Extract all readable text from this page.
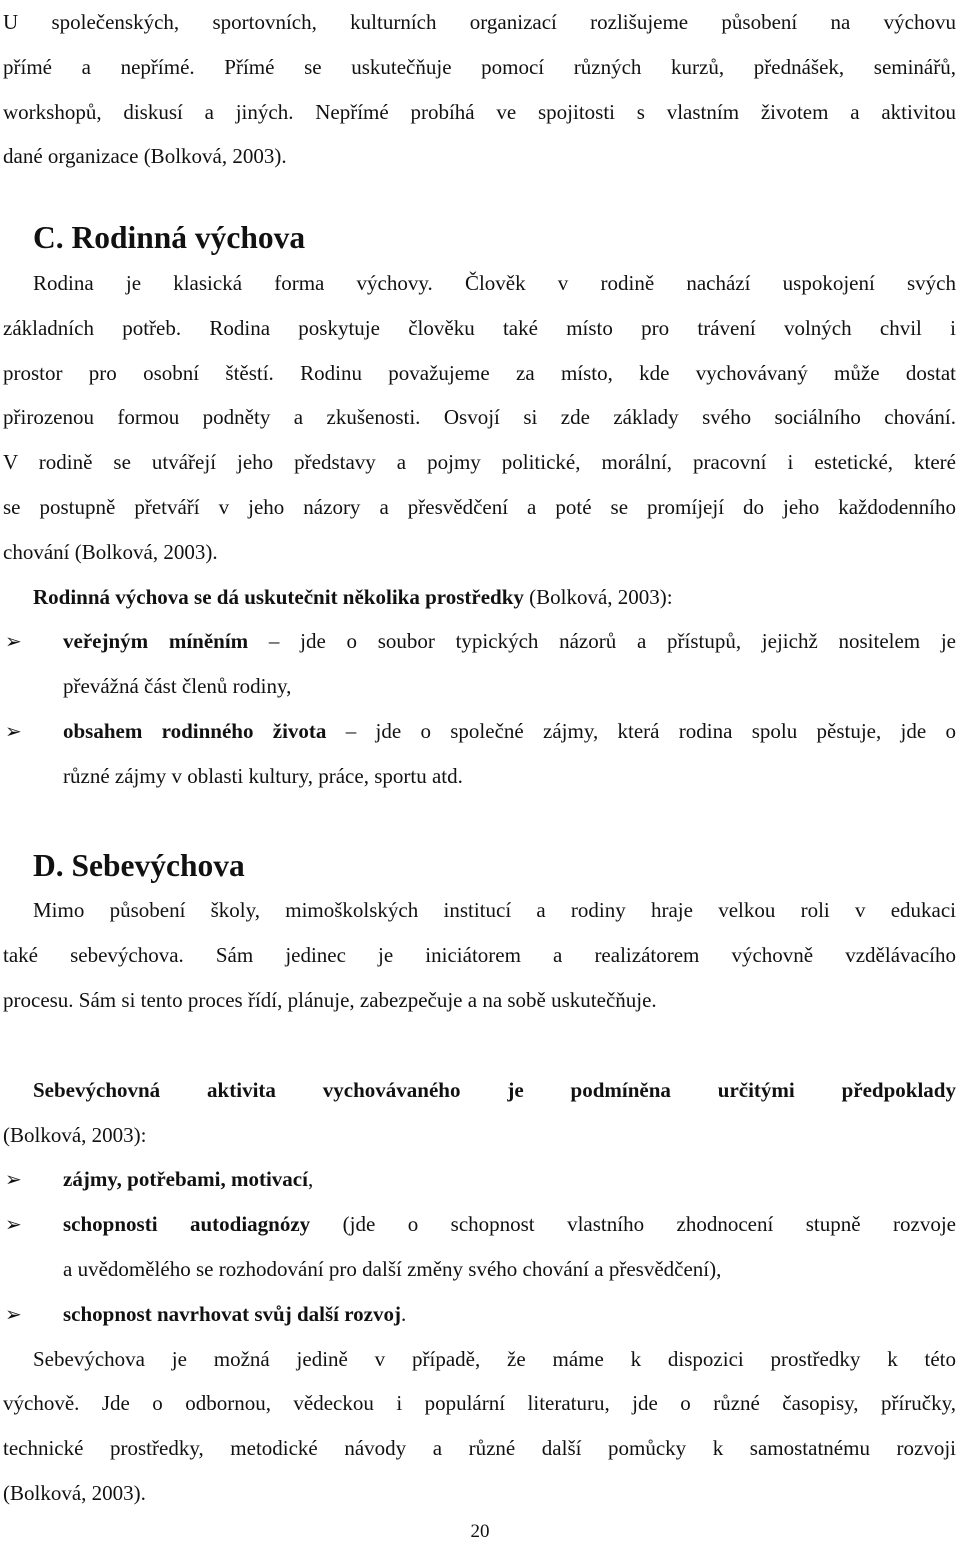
U společenských, sportovních, kulturních organizací rozlišujeme působení na výchovu

přímé a nepřímé. Přímé se uskutečňuje pomocí různých kurzů, přednášek, seminářů,

workshopů, diskusí a jiných. Nepřímé probíhá ve spojitosti s vlastním životem a aktivitou

dané organizace (Bolková, 2003).

C. Rodinná výchova

Rodina je klasická forma výchovy. Člověk v rodině nachází uspokojení svých

základních potřeb. Rodina poskytuje člověku také místo pro trávení volných chvil i

prostor pro osobní štěstí. Rodinu považujeme za místo, kde vychovávaný může dostat

přirozenou formou podněty a zkušenosti. Osvojí si zde základy svého sociálního chování.

V rodině se utvářejí jeho představy a pojmy politické, morální, pracovní i estetické, které

se postupně přetváří v jeho názory a přesvědčení a poté se promíjejí do jeho každodenního

chování (Bolková, 2003).

Rodinná výchova se dá uskutečnit několika prostředky (Bolková, 2003):

➢ veřejným míněním – jde o soubor typických názorů a přístupů, jejichž nositelem je
převážná část členů rodiny,
➢ obsahem rodinného života – jde o společné zájmy, která rodina spolu pěstuje, jde o
různé zájmy v oblasti kultury, práce, sportu atd.
D. Sebevýchova

Mimo působení školy, mimoškolských institucí a rodiny hraje velkou roli v edukaci

také sebevýchova. Sám jedinec je iniciátorem a realizátorem výchovně vzdělávacího

procesu. Sám si tento proces řídí, plánuje, zabezpečuje a na sobě uskutečňuje.

Sebevýchovná aktivita vychovávaného je podmíněna určitými předpoklady

(Bolková, 2003):

➢ zájmy, potřebami, motivací,
➢ schopnosti autodiagnózy (jde o schopnost vlastního zhodnocení stupně rozvoje
a uvědomělého se rozhodování pro další změny svého chování a přesvědčení),
➢ schopnost navrhovat svůj další rozvoj.

Sebevýchova je možná jedině v případě, že máme k dispozici prostředky k této

výchově. Jde o odbornou, vědeckou i populární literaturu, jde o různé časopisy, příručky,

technické prostředky, metodické návody a různé další pomůcky k samostatnému rozvoji

(Bolková, 2003).

20
